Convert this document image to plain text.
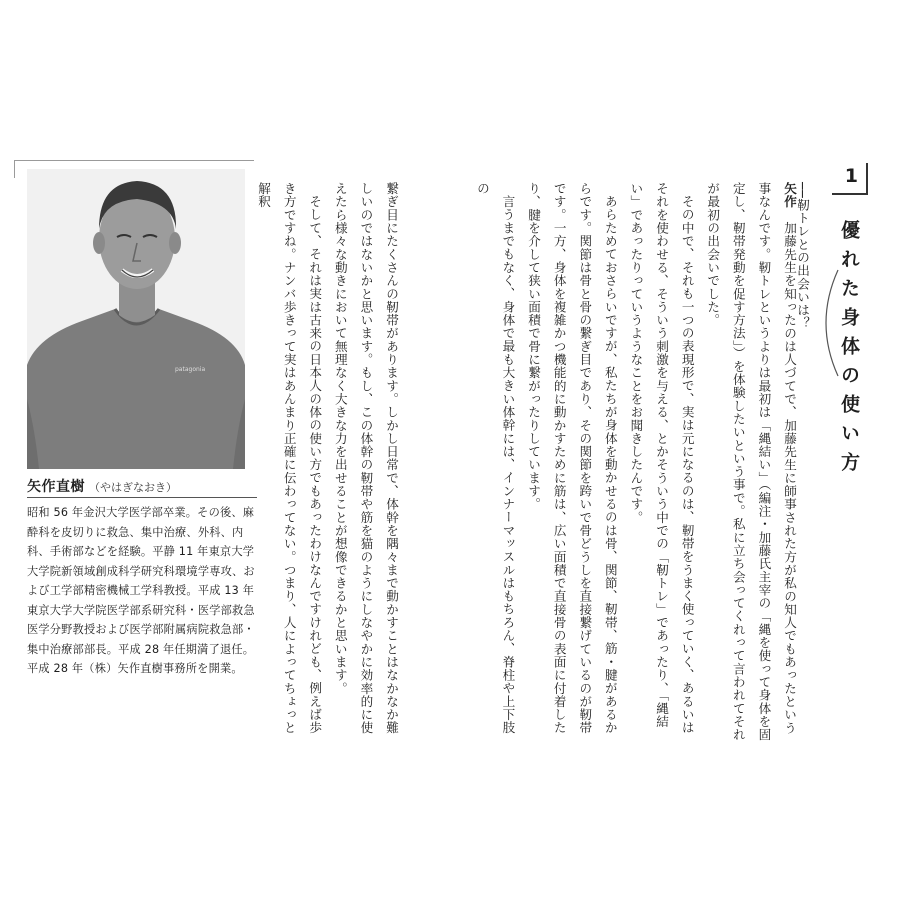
patagonia
矢作直樹 （やはぎなおき）
昭和 56 年金沢大学医学部卒業。その後、麻酔科を皮切りに救急、集中治療、外科、内科、手術部などを経験。平静 11 年東京大学大学院新領域創成科学研究科環境学専攻、および工学部精密機械工学科教授。平成 13 年東京大学大学院医学部系研究科・医学部救急医学分野教授および医学部附属病院救急部・集中治療部部長。平成 28 年任期満了退任。平成 28 年（株）矢作直樹事務所を開業。	繋ぎ目にたくさんの靭帯があります。しかし日常で、体幹を隅々まで動かすことはなかなか難しいのではないかと思います。もし、この体幹の靭帯や筋を猫のようにしなやかに効率的に使えたら様々な動きにおいて無理なく大きな力を出せることが想像できるかと思います。

そして、それは実は古来の日本人の体の使い方でもあったわけなんですけれども、例えば歩き方ですね。ナンバ歩きって実はあんまり正確に伝わってない。つまり、人によってちょっと解釈	矢作　加藤先生を知ったのは人づてで、加藤先生に師事された方が私の知人でもあったという事なんです。靭トレというよりは最初は「縄結い」（編注・加藤氏主宰の「縄を使って身体を固定し、靭帯発動を促す方法」）を体験したいという事で。私に立ち会ってくれって言われてそれが最初の出会いでした。

その中で、それも一つの表現形で、実は元になるのは、靭帯をうまく使っていく、あるいはそれを使わせる、そういう刺激を与える、とかそういう中での「靭トレ」であったり、「縄結い」であったりっていうようなことをお聞きしたんです。

あらためておさらいですが、私たちが身体を動かせるのは骨、関節、靭帯、筋・腱があるからです。関節は骨と骨の繋ぎ目であり、その関節を跨いで骨どうしを直接繋げているのが靭帯です。一方、身体を複雑かつ機能的に動かすために筋は、広い面積で直接骨の表面に付着したり、腱を介して狭い面積で骨に繋がったりしています。

言うまでもなく、身体で最も大きい体幹には、インナーマッスルはもちろん、脊柱や上下肢の	──靭トレとの出会いは？
1
優れた身体の使い方
